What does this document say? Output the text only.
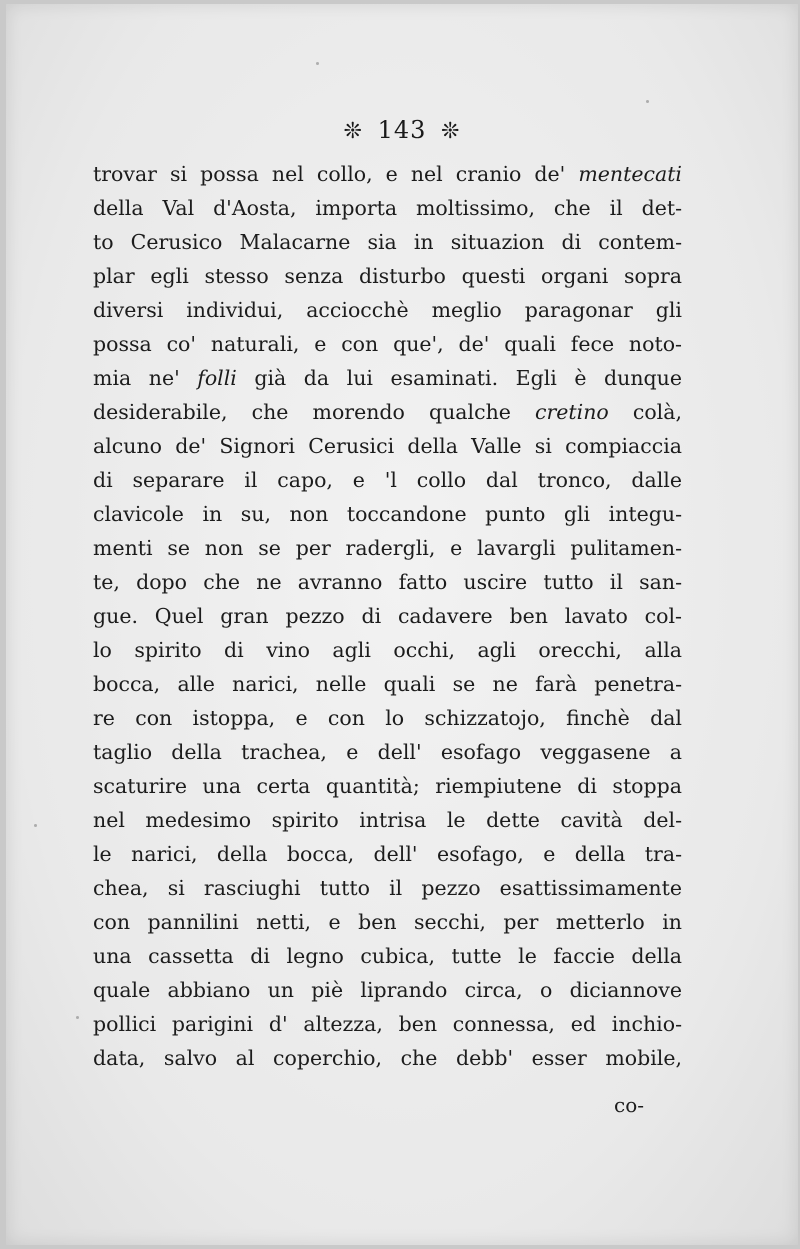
❊ 143 ❊
trovar si possa nel collo, e nel cranio de' mentecati
della Val d'Aosta, importa moltissimo, che il det-
to Cerusico Malacarne sia in situazion di contem-
plar egli stesso senza disturbo questi organi sopra
diversi individui, acciocchè meglio paragonar gli
possa co' naturali, e con que', de' quali fece noto-
mia ne' folli già da lui esaminati. Egli è dunque
desiderabile, che morendo qualche cretino colà,
alcuno de' Signori Cerusici della Valle si compiaccia
di separare il capo, e 'l collo dal tronco, dalle
clavicole in su, non toccandone punto gli integu-
menti se non se per radergli, e lavargli pulitamen-
te, dopo che ne avranno fatto uscire tutto il san-
gue. Quel gran pezzo di cadavere ben lavato col-
lo spirito di vino agli occhi, agli orecchi, alla
bocca, alle narici, nelle quali se ne farà penetra-
re con istoppa, e con lo schizzatojo, finchè dal
taglio della trachea, e dell' esofago veggasene a
scaturire una certa quantità; riempiutene di stoppa
nel medesimo spirito intrisa le dette cavità del-
le narici, della bocca, dell' esofago, e della tra-
chea, si rasciughi tutto il pezzo esattissimamente
con pannilini netti, e ben secchi, per metterlo in
una cassetta di legno cubica, tutte le faccie della
quale abbiano un piè liprando circa, o diciannove
pollici parigini d' altezza, ben connessa, ed inchio-
data, salvo al coperchio, che debb' esser mobile,
co-
